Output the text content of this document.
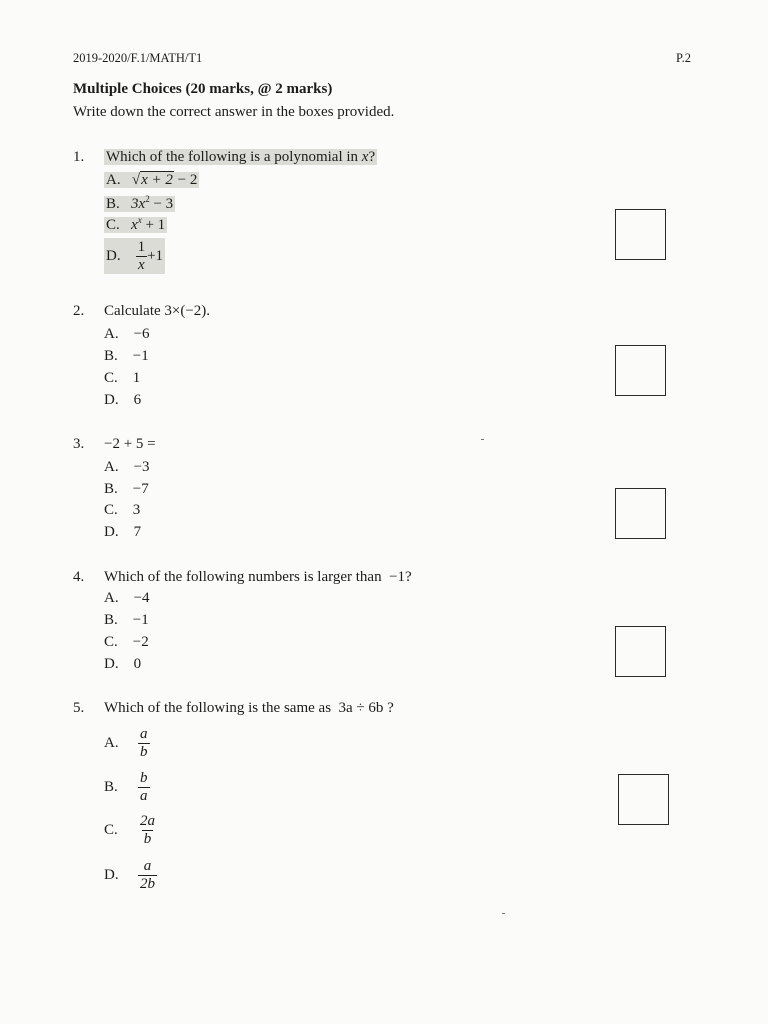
2019-2020/F.1/MATH/T1	P.2
Multiple Choices (20 marks, @ 2 marks)
Write down the correct answer in the boxes provided.
1. Which of the following is a polynomial in x?
A. √x + 2 − 2
B. $3x^2 - 3$
C. $x^x + 1$
D.
$\frac{1}{x} +1$
2. Calculate 3×(−2).
A. −6
B. −1
C. 1
D. 6
3. −2 + 5 =
A. −3
B. −7
C. 3
D. 7
4. Which of the following numbers is larger than  −1?
A. −4
B. −1
C. −2
D. 0
5. Which of the following is the same as  3a ÷ 6b ?
A.	$\frac{a}{b}$
B.	$\frac{b}{a}$
C.	$\frac{2a}{b}$
D.	$\frac{a}{2b}$
